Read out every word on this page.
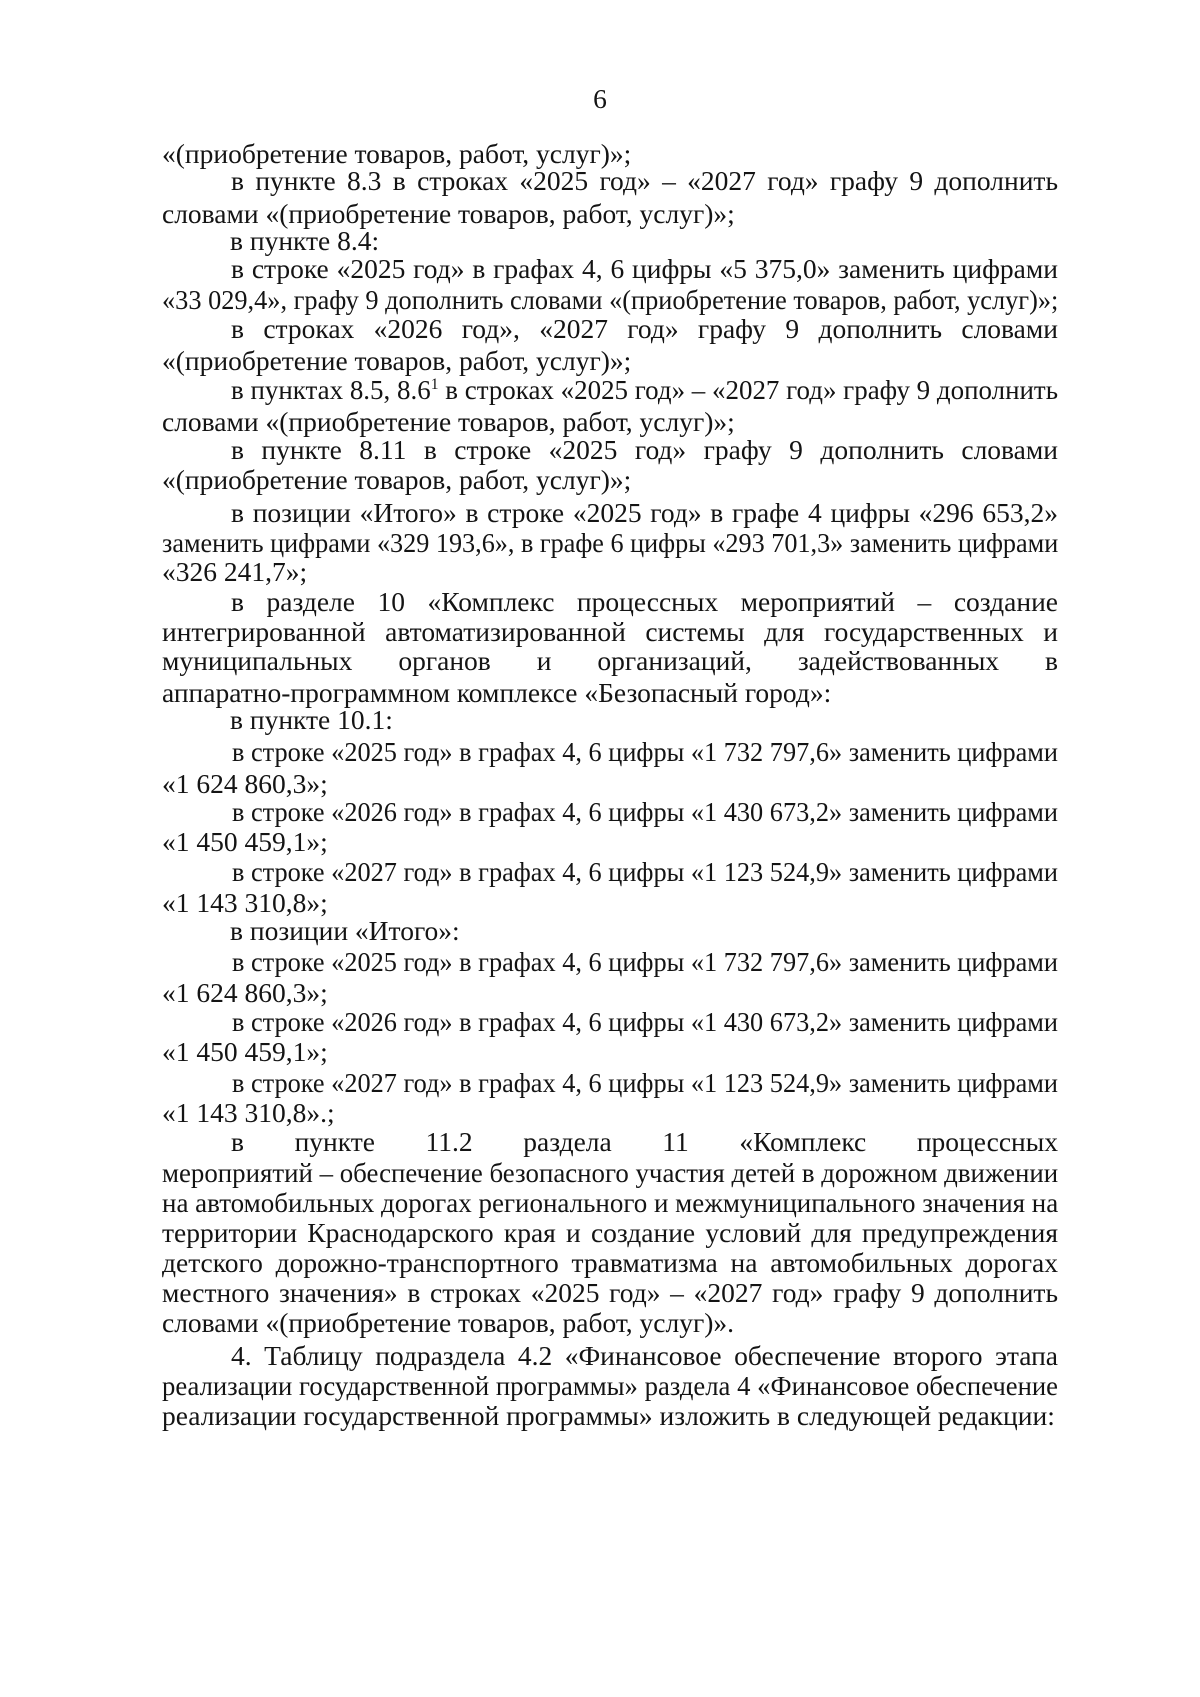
6
«(приобретение товаров, работ, услуг)»;
в пункте 8.3 в строках «2025 год» – «2027 год» графу 9 дополнить
словами «(приобретение товаров, работ, услуг)»;
в пункте 8.4:
в строке «2025 год» в графах 4, 6 цифры «5 375,0» заменить цифрами
«33 029,4», графу 9 дополнить словами «(приобретение товаров, работ, услуг)»;
в строках «2026 год», «2027 год» графу 9 дополнить словами
«(приобретение товаров, работ, услуг)»;
в пунктах 8.5, $8.6^1$ в строках «2025 год» – «2027 год» графу 9 дополнить
словами «(приобретение товаров, работ, услуг)»;
в пункте 8.11 в строке «2025 год» графу 9 дополнить словами
«(приобретение товаров, работ, услуг)»;
в позиции «Итого» в строке «2025 год» в графе 4 цифры «296 653,2»
заменить цифрами «329 193,6», в графе 6 цифры «293 701,3» заменить цифрами
«326 241,7»;
в разделе 10 «Комплекс процессных мероприятий – создание
интегрированной автоматизированной системы для государственных и
муниципальных органов и организаций, задействованных в
аппаратно-программном комплексе «Безопасный город»:
в пункте 10.1:
в строке «2025 год» в графах 4, 6 цифры «1 732 797,6» заменить цифрами
«1 624 860,3»;
в строке «2026 год» в графах 4, 6 цифры «1 430 673,2» заменить цифрами
«1 450 459,1»;
в строке «2027 год» в графах 4, 6 цифры «1 123 524,9» заменить цифрами
«1 143 310,8»;
в позиции «Итого»:
в строке «2025 год» в графах 4, 6 цифры «1 732 797,6» заменить цифрами
«1 624 860,3»;
в строке «2026 год» в графах 4, 6 цифры «1 430 673,2» заменить цифрами
«1 450 459,1»;
в строке «2027 год» в графах 4, 6 цифры «1 123 524,9» заменить цифрами
«1 143 310,8».;
в пункте 11.2 раздела 11 «Комплекс процессных
мероприятий – обеспечение безопасного участия детей в дорожном движении
на автомобильных дорогах регионального и межмуниципального значения на
территории Краснодарского края и создание условий для предупреждения
детского дорожно-транспортного травматизма на автомобильных дорогах
местного значения» в строках «2025 год» – «2027 год» графу 9 дополнить
словами «(приобретение товаров, работ, услуг)».
4. Таблицу подраздела 4.2 «Финансовое обеспечение второго этапа
реализации государственной программы» раздела 4 «Финансовое обеспечение
реализации государственной программы» изложить в следующей редакции:
